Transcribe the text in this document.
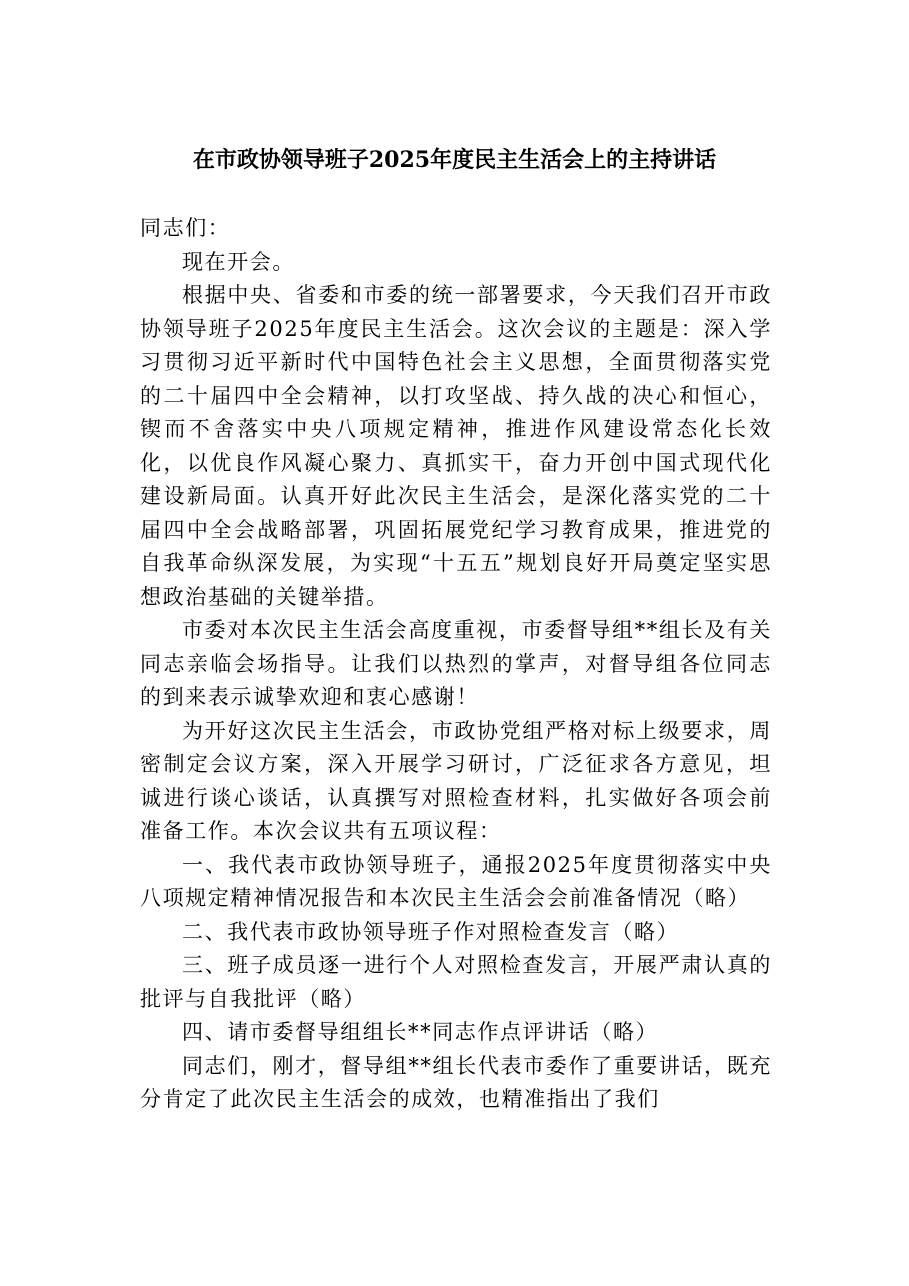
在市政协领导班子2025年度民主生活会上的主持讲话

同志们：

现在开会。

根据中央、省委和市委的统一部署要求，今天我们召开市政协领导班子2025年度民主生活会。这次会议的主题是：深入学习贯彻习近平新时代中国特色社会主义思想，全面贯彻落实党的二十届四中全会精神，以打攻坚战、持久战的决心和恒心，锲而不舍落实中央八项规定精神，推进作风建设常态化长效化，以优良作风凝心聚力、真抓实干，奋力开创中国式现代化建设新局面。认真开好此次民主生活会，是深化落实党的二十届四中全会战略部署，巩固拓展党纪学习教育成果，推进党的自我革命纵深发展，为实现“十五五”规划良好开局奠定坚实思想政治基础的关键举措。

市委对本次民主生活会高度重视，市委督导组**组长及有关同志亲临会场指导。让我们以热烈的掌声，对督导组各位同志的到来表示诚挚欢迎和衷心感谢！

为开好这次民主生活会，市政协党组严格对标上级要求，周密制定会议方案，深入开展学习研讨，广泛征求各方意见，坦诚进行谈心谈话，认真撰写对照检查材料，扎实做好各项会前准备工作。本次会议共有五项议程：

一、我代表市政协领导班子，通报2025年度贯彻落实中央八项规定精神情况报告和本次民主生活会会前准备情况（略）

二、我代表市政协领导班子作对照检查发言（略）

三、班子成员逐一进行个人对照检查发言，开展严肃认真的批评与自我批评（略）

四、请市委督导组组长**同志作点评讲话（略）

同志们，刚才，督导组**组长代表市委作了重要讲话，既充分肯定了此次民主生活会的成效，也精准指出了我们
